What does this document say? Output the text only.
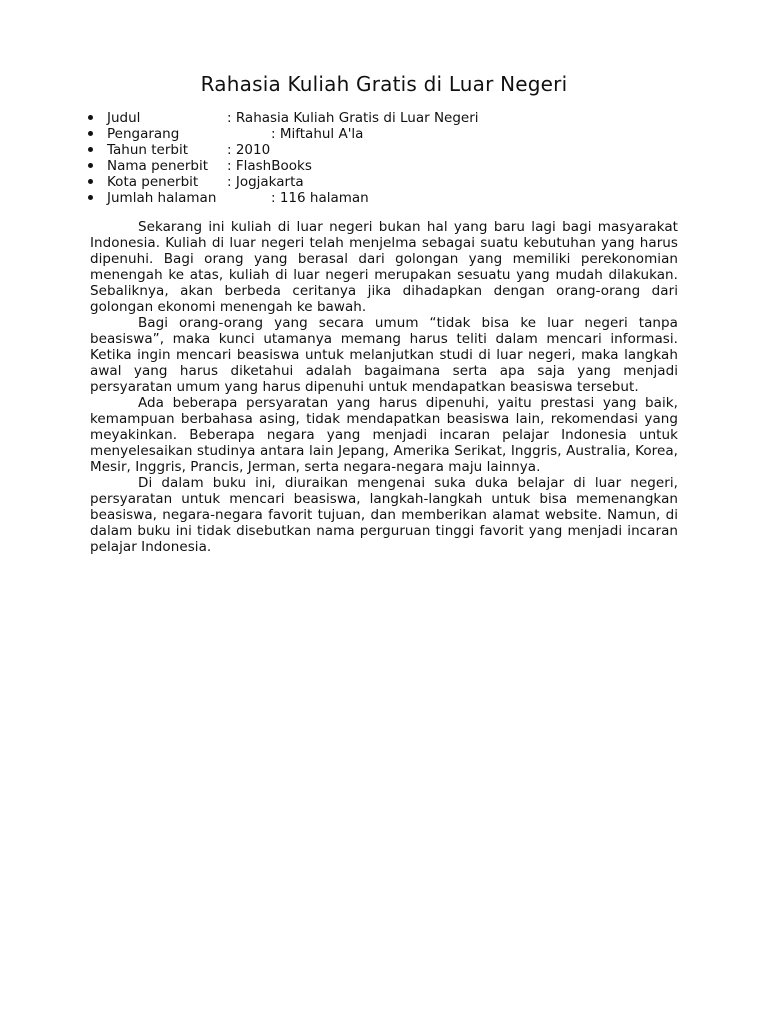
Rahasia Kuliah Gratis di Luar Negeri

Judul

	: Rahasia Kuliah Gratis di Luar Negeri

Pengarang

	: Miftahul A'la

Tahun terbit

	: 2010

Nama penerbit

: FlashBooks

Kota penerbit

: Jogjakarta

Jumlah halaman

	: 116 halaman

Sekarang ini kuliah di luar negeri bukan hal yang baru lagi bagi masyarakat Indonesia. Kuliah di luar negeri telah menjelma sebagai suatu kebutuhan yang harus dipenuhi. Bagi orang yang berasal dari golongan yang memiliki perekonomian menengah ke atas, kuliah di luar negeri merupakan sesuatu yang mudah dilakukan. Sebaliknya, akan berbeda ceritanya jika dihadapkan dengan orang-orang dari golongan ekonomi menengah ke bawah.

Bagi orang-orang yang secara umum “tidak bisa ke luar negeri tanpa beasiswa”, maka kunci utamanya memang harus teliti dalam mencari informasi. Ketika ingin mencari beasiswa untuk melanjutkan studi di luar negeri, maka langkah awal yang harus diketahui adalah bagaimana serta apa saja yang menjadi persyaratan umum yang harus dipenuhi untuk mendapatkan beasiswa tersebut.

Ada beberapa persyaratan yang harus dipenuhi, yaitu prestasi yang baik, kemampuan berbahasa asing, tidak mendapatkan beasiswa lain, rekomendasi yang meyakinkan. Beberapa negara yang menjadi incaran pelajar Indonesia untuk menyelesaikan studinya antara lain Jepang, Amerika Serikat, Inggris, Australia, Korea, Mesir, Inggris, Prancis, Jerman, serta negara-negara maju lainnya.

Di dalam buku ini, diuraikan mengenai suka duka belajar di luar negeri, persyaratan untuk mencari beasiswa, langkah-langkah untuk bisa memenangkan beasiswa, negara-negara favorit tujuan, dan memberikan alamat website. Namun, di dalam buku ini tidak disebutkan nama perguruan tinggi favorit yang menjadi incaran pelajar Indonesia.
